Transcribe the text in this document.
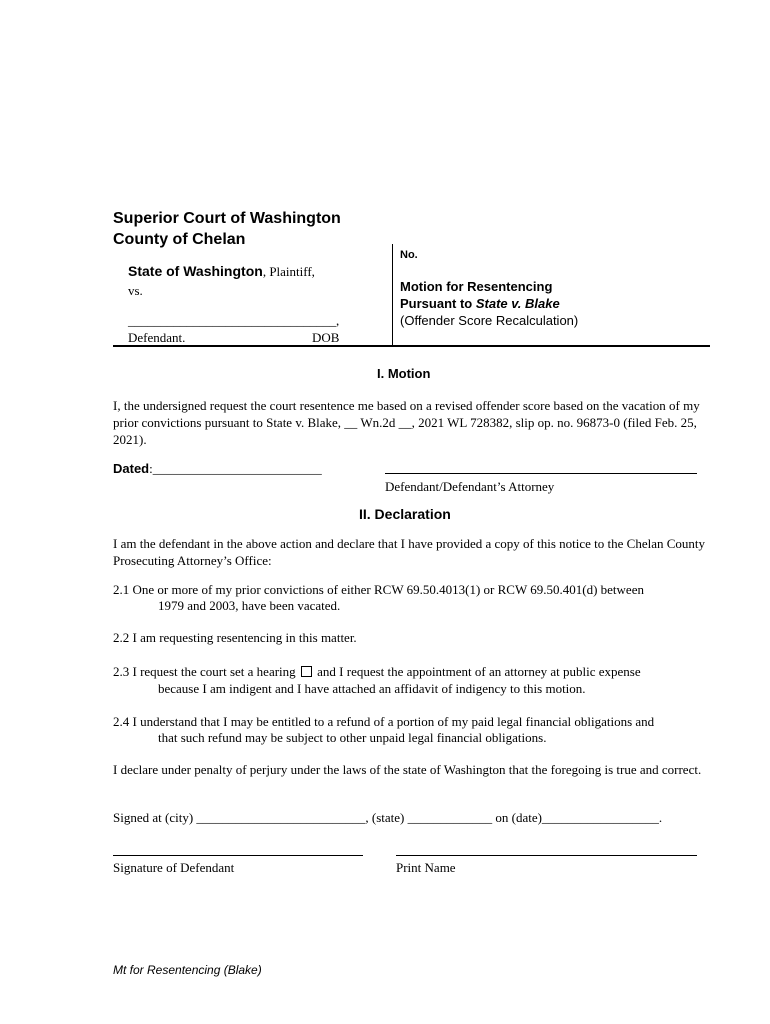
Superior Court of Washington
County of Chelan
State of Washington, Plaintiff,
vs.
________________________________,
Defendant.	DOB
No.
Motion for Resentencing
Pursuant to State v. Blake
(Offender Score Recalculation)
I. Motion
I, the undersigned request the court resentence me based on a revised offender score based on the vacation of my prior convictions pursuant to State v. Blake, __ Wn.2d __, 2021 WL 728382, slip op. no. 96873-0 (filed Feb. 25, 2021).
Dated:__________________________
Defendant/Defendant’s Attorney
II. Declaration
I am the defendant in the above action and declare that I have provided a copy of this notice to the Chelan County Prosecuting Attorney’s Office:
2.1 One or more of my prior convictions of either RCW 69.50.4013(1) or RCW 69.50.401(d) between
1979 and 2003, have been vacated.
2.2 I am requesting resentencing in this matter.
2.3 I request the court set a hearing  and I request the appointment of an attorney at public expense
because I am indigent and I have attached an affidavit of indigency to this motion.
2.4 I understand that I may be entitled to a refund of a portion of my paid legal financial obligations and
that such refund may be subject to other unpaid legal financial obligations.
I declare under penalty of perjury under the laws of the state of Washington that the foregoing is true and correct.
Signed at (city) __________________________, (state) _____________ on (date)__________________.
Signature of Defendant	Print Name
Mt for Resentencing (Blake)
